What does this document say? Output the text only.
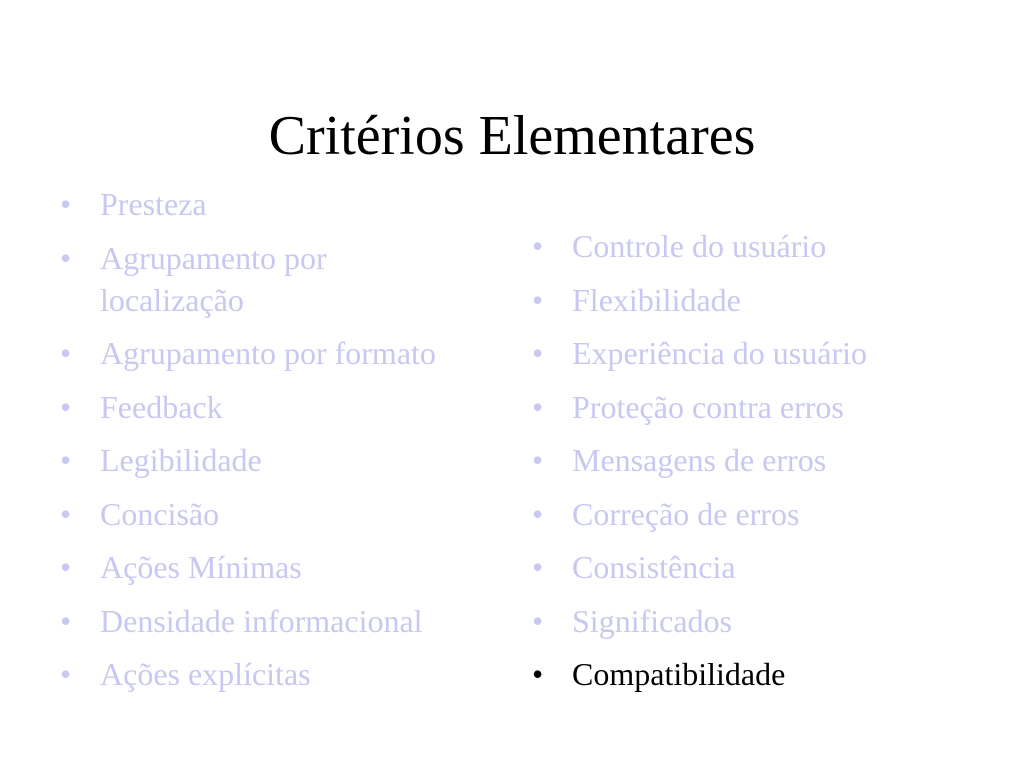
Critérios Elementares
• Presteza
• Agrupamento por localização
• Agrupamento por formato
• Feedback
• Legibilidade
• Concisão
• Ações Mínimas
• Densidade informacional
• Ações explícitas
• Controle do usuário
• Flexibilidade
• Experiência do usuário
• Proteção contra erros
• Mensagens de erros
• Correção de erros
• Consistência
• Significados
• Compatibilidade
